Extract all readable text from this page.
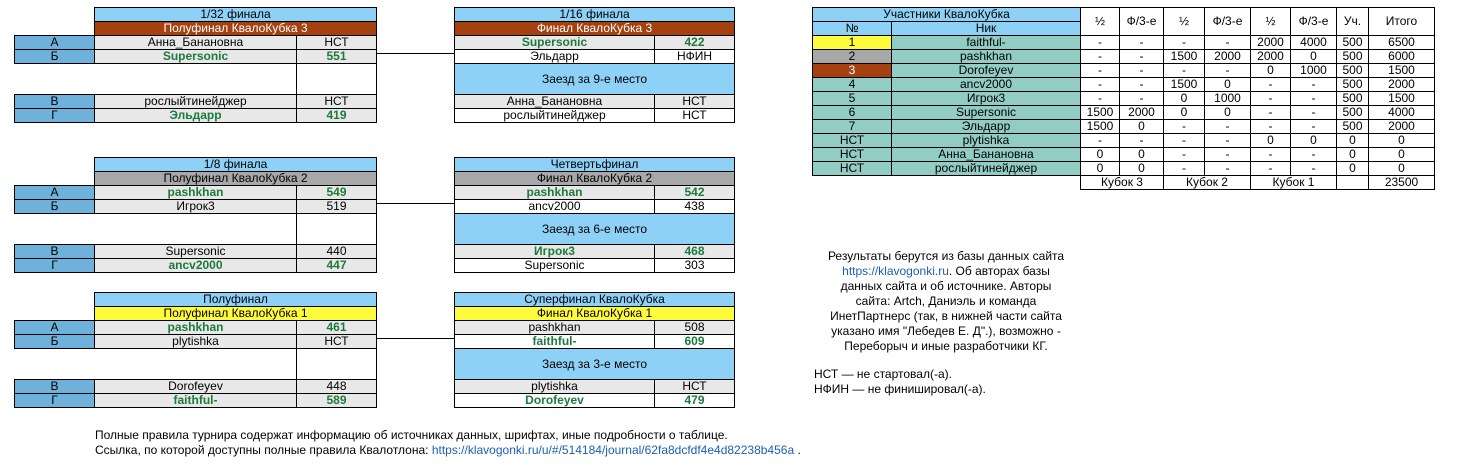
	1/32 финала	
	Полуфинал КвалоКубка 3	
А	Анна_Банановна	НСТ
Б	Supersonic	551

В	рослыйтинейджер	НСТ
Г	Эльдарр	419
1/16 финала	
Финал КвалоКубка 3	
Supersonic	422
Эльдарр	НФИН
Заезд за 9-е место	
Анна_Банановна	НСТ
рослыйтинейджер	НСТ
	1/8 финала	
	Полуфинал КвалоКубка 2	
А	pashkhan	549
Б	Игрок3	519

В	Supersonic	440
Г	ancv2000	447
Четвертьфинал	
Финал КвалоКубка 2	
pashkhan	542
ancv2000	438
Заезд за 6-е место	
Игрок3	468
Supersonic	303
	Полуфинал	
	Полуфинал КвалоКубка 1	
А	pashkhan	461
Б	plytishka	НСТ

В	Dorofeyev	448
Г	faithful-	589
Суперфинал КвалоКубка	
Финал КвалоКубка 1	
pashkhan	508
faithful-	609
Заезд за 3-е место	
plytishka	НСТ
Dorofeyev	479
Участники КвалоКубка		½	Ф/3-е	½	Ф/3-е	½	Ф/3-е	Уч.	Итого
№	Ник								
1	faithful-	-	-	-	-	2000	4000	500	6500
2	pashkhan	-	-	1500	2000	2000	0	500	6000
3	Dorofeyev	-	-	-	-	0	1000	500	1500
4	ancv2000	-	-	1500	0	-	-	500	2000
5	Игрок3	-	-	0	1000	-	-	500	1500
6	Supersonic	1500	2000	0	0	-	-	500	4000
7	Эльдарр	1500	0	-	-	-	-	500	2000
НСТ	plytishka	-	-	-	-	0	0	0	0
НСТ	Анна_Банановна	0	0	-	-	-	-	0	0
НСТ	рослыйтинейджер	0	0	-	-	-	-	0	0
		Кубок 3		Кубок 2		Кубок 1			23500
Результаты берутся из базы данных сайта
https://klavogonki.ru. Об авторах базы
данных сайта и об источнике. Авторы
сайта: Artch, Даниэль и команда
ИнетПартнерс (так, в нижней части сайта
указано имя "Лебедев Е. Д".), возможно -
Переборыч и иные разработчики КГ.
НСТ — не стартовал(-а).
НФИН — не финишировал(-а).
Полные правила турнира содержат информацию об источниках данных, шрифтах, иные подробности о таблице.
Ссылка, по которой доступны полные правила Квалотлона: https://klavogonki.ru/u/#/514184/journal/62fa8dcfdf4e4d82238b456a .
